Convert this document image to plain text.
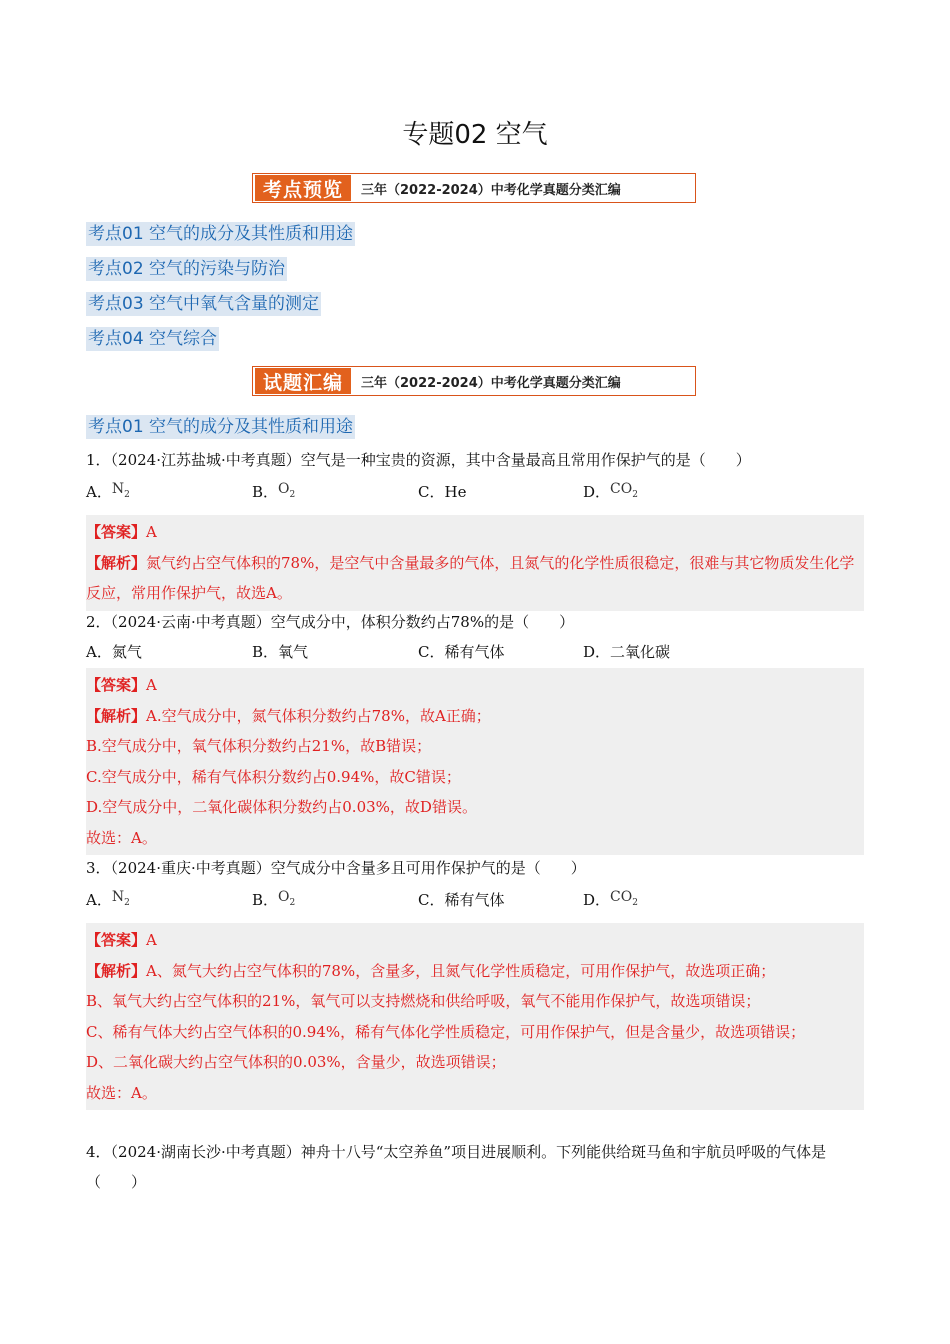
专题02 空气
考点预览	三年（2022-2024）中考化学真题分类汇编
考点01 空气的成分及其性质和用途
考点02 空气的污染与防治
考点03 空气中氧气含量的测定
考点04 空气综合
试题汇编	三年（2022-2024）中考化学真题分类汇编
考点01 空气的成分及其性质和用途
1．（2024·江苏盐城·中考真题）空气是一种宝贵的资源，其中含量最高且常用作保护气的是（　　）
A．$N_2$	B．$O_2$	C．He	D．$CO_2$

【答案】A

【解析】氮气约占空气体积的78%，是空气中含量最多的气体，且氮气的化学性质很稳定，很难与其它物质发生化学反应，常用作保护气，故选A。

2．（2024·云南·中考真题）空气成分中，体积分数约占78%的是（　　）
A．氮气	B．氧气	C．稀有气体	D．二氧化碳

【答案】A

【解析】A.空气成分中，氮气体积分数约占78%，故A正确；

B.空气成分中，氧气体积分数约占21%，故B错误；

C.空气成分中，稀有气体积分数约占0.94%，故C错误；

D.空气成分中，二氧化碳体积分数约占0.03%，故D错误。

故选：A。

3．（2024·重庆·中考真题）空气成分中含量多且可用作保护气的是（　　）
A．$N_2$	B．$O_2$	C．稀有气体	D．$CO_2$

【答案】A

【解析】A、氮气大约占空气体积的78%，含量多，且氮气化学性质稳定，可用作保护气，故选项正确；

B、氧气大约占空气体积的21%，氧气可以支持燃烧和供给呼吸，氧气不能用作保护气，故选项错误；

C、稀有气体大约占空气体积的0.94%，稀有气体化学性质稳定，可用作保护气，但是含量少，故选项错误；

D、二氧化碳大约占空气体积的0.03%，含量少，故选项错误；

故选：A。

4．（2024·湖南长沙·中考真题）神舟十八号“太空养鱼”项目进展顺利。下列能供给斑马鱼和宇航员呼吸的气体是（　　）
